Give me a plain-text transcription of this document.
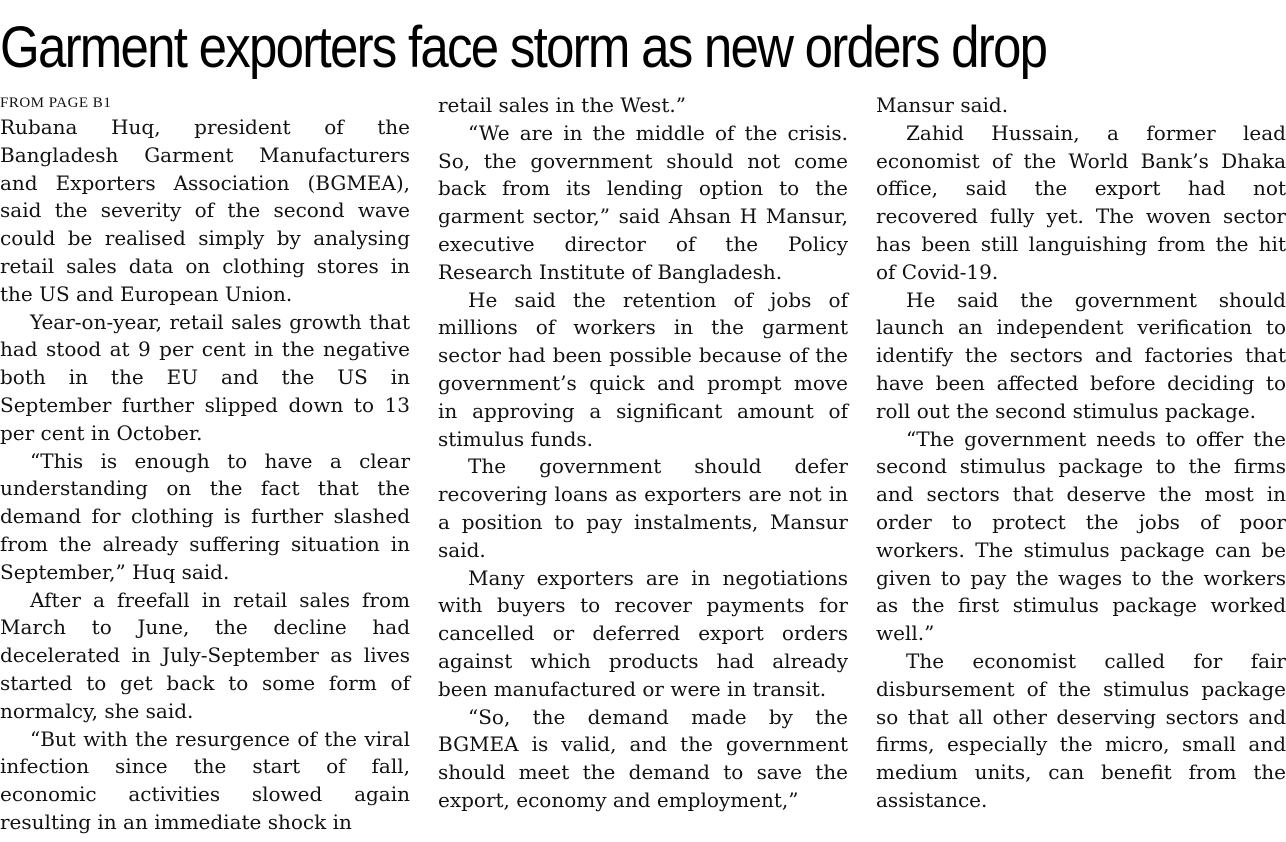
Garment exporters face storm as new orders drop
FROM PAGE B1

Rubana Huq, president of the Bangladesh Garment Manufacturers and Exporters Association (BGMEA), said the severity of the second wave could be realised simply by analysing retail sales data on clothing stores in the US and European Union.

Year-on-year, retail sales growth that had stood at 9 per cent in the negative both in the EU and the US in September further slipped down to 13 per cent in October.

“This is enough to have a clear understanding on the fact that the demand for clothing is further slashed from the already suffering situation in September,” Huq said.

After a freefall in retail sales from March to June, the decline had decelerated in July-September as lives started to get back to some form of normalcy, she said.

“But with the resurgence of the viral infection since the start of fall, economic activities slowed again resulting in an immediate shock in

retail sales in the West.”

“We are in the middle of the crisis. So, the government should not come back from its lending option to the garment sector,” said Ahsan H Mansur, executive director of the Policy Research Institute of Bangladesh.

He said the retention of jobs of millions of workers in the garment sector had been possible because of the government’s quick and prompt move in approving a significant amount of stimulus funds.

The government should defer recovering loans as exporters are not in a position to pay instalments, Mansur said.

Many exporters are in negotiations with buyers to recover payments for cancelled or deferred export orders against which products had already been manufactured or were in transit.

“So, the demand made by the BGMEA is valid, and the government should meet the demand to save the export, economy and employment,”

Mansur said.

Zahid Hussain, a former lead economist of the World Bank’s Dhaka office, said the export had not recovered fully yet. The woven sector has been still languishing from the hit of Covid-19.

He said the government should launch an independent verification to identify the sectors and factories that have been affected before deciding to roll out the second stimulus package.

“The government needs to offer the second stimulus package to the firms and sectors that deserve the most in order to protect the jobs of poor workers. The stimulus package can be given to pay the wages to the workers as the first stimulus package worked well.”

The economist called for fair disbursement of the stimulus package so that all other deserving sectors and firms, especially the micro, small and medium units, can benefit from the assistance.
